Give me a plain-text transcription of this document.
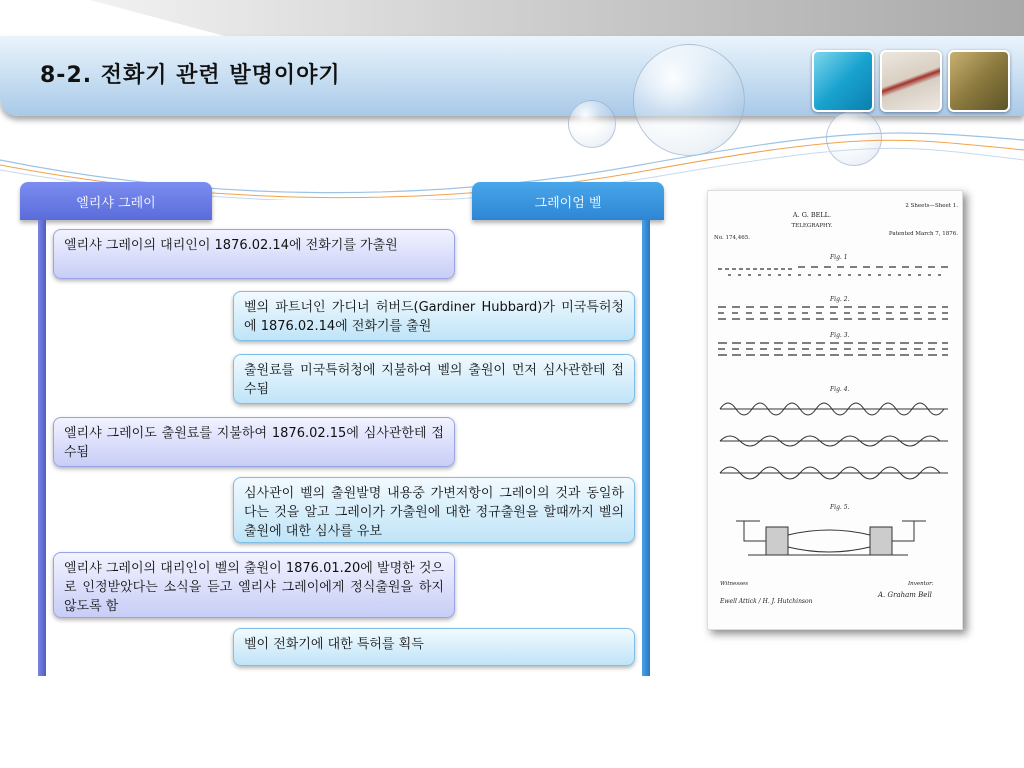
8-2. 전화기 관련 발명이야기
엘리샤 그레이	그레이엄 벨
엘리샤 그레이의 대리인이 1876.02.14에 전화기를 가출원
벨의 파트너인 가디너 허버드(Gardiner Hubbard)가 미국특허청에 1876.02.14에 전화기를 출원
출원료를 미국특허청에 지불하여 벨의 출원이 먼저 심사관한테 접수됨
엘리샤 그레이도 출원료를 지불하여 1876.02.15에 심사관한테 접수됨
심사관이 벨의 출원발명 내용중 가변저항이 그레이의 것과 동일하다는 것을 알고 그레이가 가출원에 대한 정규출원을 할때까지 벨의 출원에 대한 심사를 유보
엘리샤 그레이의 대리인이 벨의 출원이 1876.01.20에 발명한 것으로 인정받았다는 소식을 듣고 엘리샤 그레이에게 정식출원을 하지 않도록 함
벨이 전화기에 대한 특허를 획득
2 Sheets—Sheet 1.
A. G. BELL.
TELEGRAPHY.
No. 174,465.
Patented March 7, 1876.
Fig. 1
Fig. 2.
Fig. 3.
Fig. 4.
Fig. 5.
Witnesses	Inventor:
Ewell Attick / H. J. Hutchinson
A. Graham Bell
